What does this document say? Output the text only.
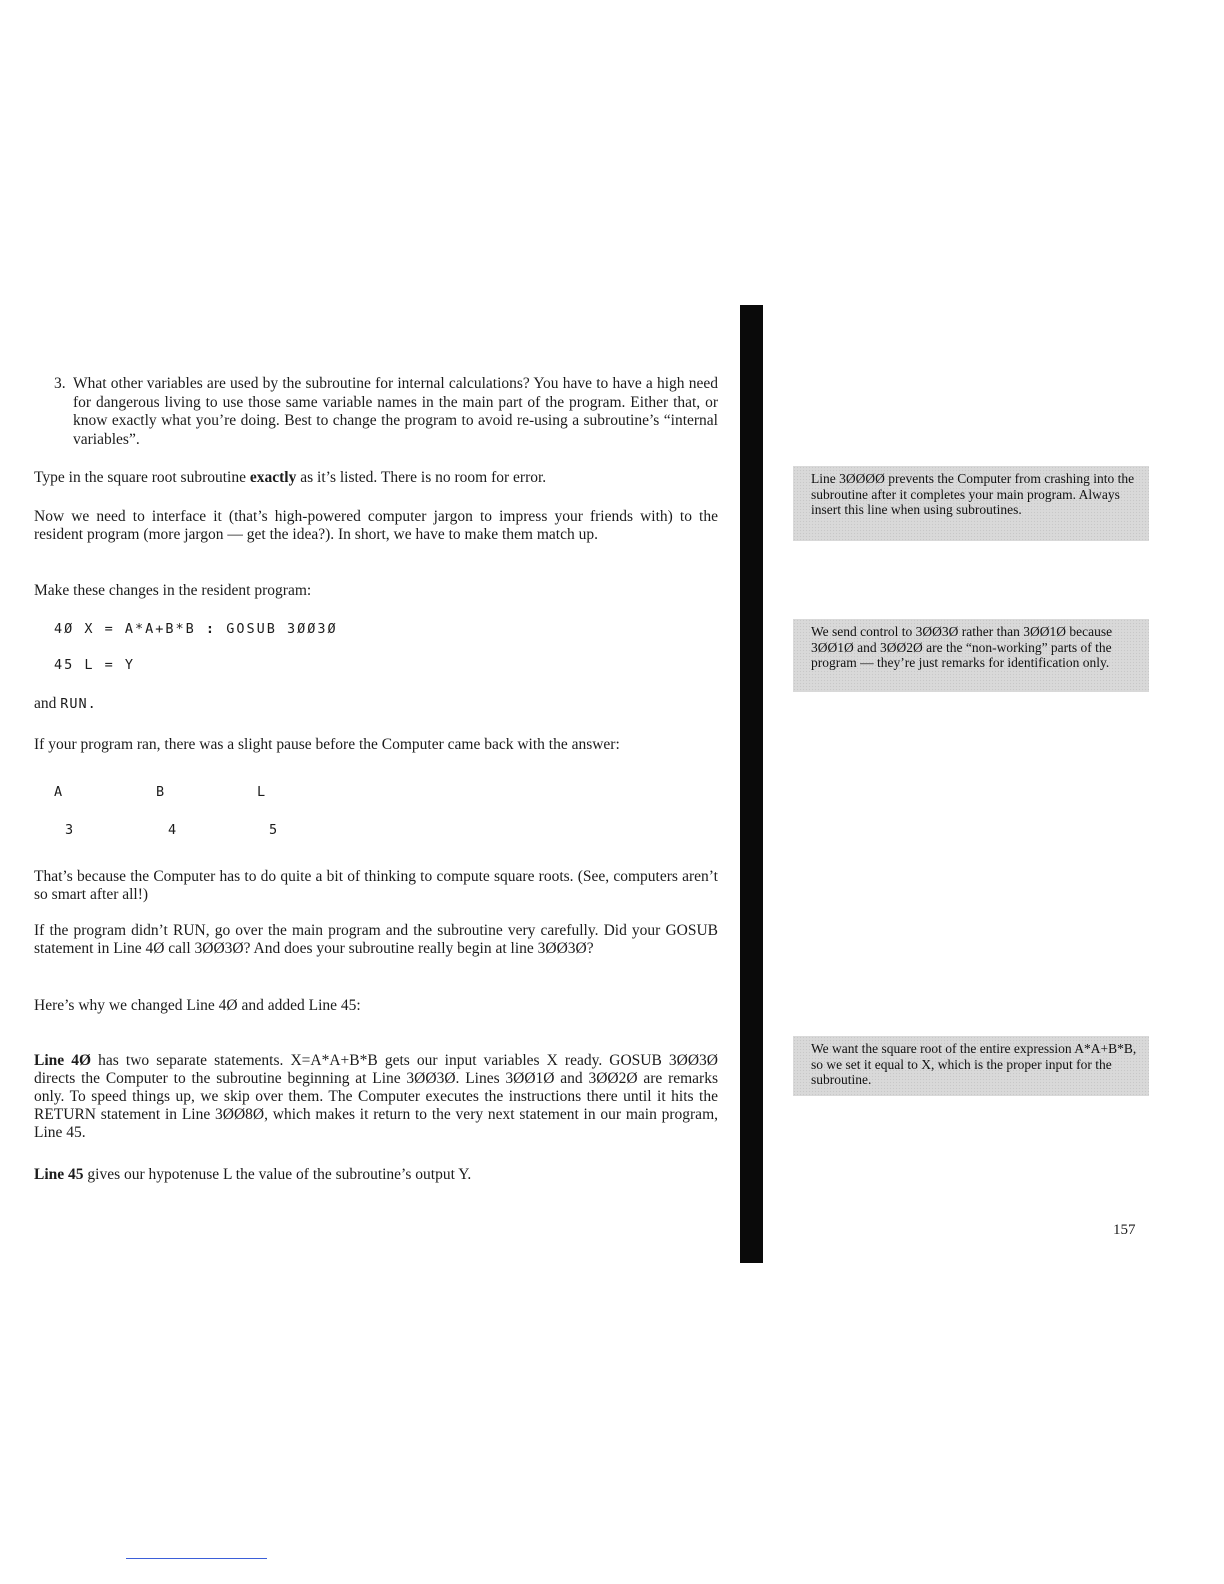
3. What other variables are used by the subroutine for internal calculations? You have to have a high need for dangerous living to use those same variable names in the main part of the program. Either that, or know exactly what you’re doing. Best to change the program to avoid re-using a subroutine’s “internal variables”.

Type in the square root subroutine exactly as it’s listed. There is no room for error.

Now we need to interface it (that’s high-powered computer jargon to impress your friends with) to the resident program (more jargon — get the idea?). In short, we have to make them match up.

Make these changes in the resident program:

4Ø X = A*A+B*B : GOSUB 3ØØ3Ø
45 L = Y

and RUN.

If your program ran, there was a slight pause before the Computer came back with the answer:

A	B	L
3	4	5

That’s because the Computer has to do quite a bit of thinking to compute square roots. (See, computers aren’t so smart after all!)

If the program didn’t RUN, go over the main program and the subroutine very carefully. Did your GOSUB statement in Line 4Ø call 3ØØ3Ø? And does your subroutine really begin at line 3ØØ3Ø?

Here’s why we changed Line 4Ø and added Line 45:

Line 4Ø has two separate statements. X=A*A+B*B gets our input variables X ready. GOSUB 3ØØ3Ø directs the Computer to the subroutine beginning at Line 3ØØ3Ø. Lines 3ØØ1Ø and 3ØØ2Ø are remarks only. To speed things up, we skip over them. The Computer executes the instructions there until it hits the RETURN statement in Line 3ØØ8Ø, which makes it return to the very next statement in our main program, Line 45.

Line 45 gives our hypotenuse L the value of the subroutine’s output Y.

Line 3ØØØØ prevents the Computer from crashing into the subroutine after it completes your main program. Always insert this line when using subroutines.
We send control to 3ØØ3Ø rather than 3ØØ1Ø because 3ØØ1Ø and 3ØØ2Ø are the “non-working” parts of the program — they’re just remarks for identification only.
We want the square root of the entire expression A*A+B*B, so we set it equal to X, which is the proper input for the subroutine.
157
